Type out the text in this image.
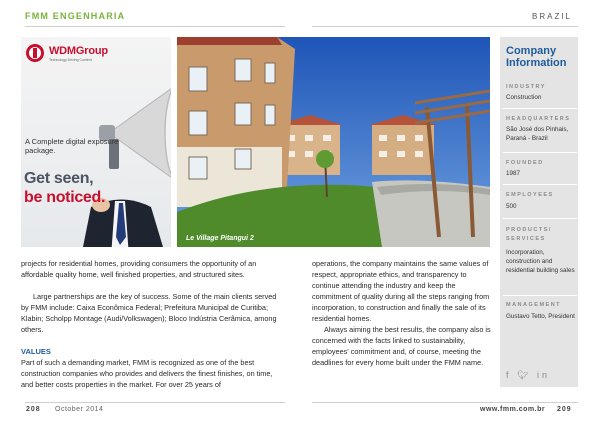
FMM ENGENHARIA	BRAZIL
WDMGroup
Technology Driving Content
A Complete digital exposure package.
Get seen,
be noticed.
Le Village Pitangui 2
Company Information
INDUSTRY
Construction
HEADQUARTERS
São José dos Pinhais, Paraná - Brazil
FOUNDED
1987
EMPLOYEES
500
PRODUCTS/ SERVICES
Incorporation, construction and residential building sales
MANAGEMENT
Gustavo Tetto, President
f 🐦︎ in

projects for residential homes, providing consumers the opportunity of an affordable quality home, well finished properties, and structured sites.

Large partnerships are the key of success. Some of the main clients served by FMM include: Caixa Econômica Federal; Prefeitura Municipal de Curitiba; Klabin; Scholpp Montage (Audi/Volkswagen); Bloco Indústria Cerâmica, among others.

VALUES

Part of such a demanding market, FMM is recognized as one of the best construction companies who provides and delivers the finest finishes, on time, and better costs properties in the market. For over 25 years of

operations, the company maintains the same values of respect, appropriate ethics, and transparency to continue attending the industry and keep the commitment of quality during all the steps ranging from incorporation, to construction and finally the sale of its residential homes.

Always aiming the best results, the company also is concerned with the facts linked to sustainability, employees' commitment and, of course, meeting the deadlines for every home built under the FMM name.

208 October 2014	www.fmm.com.br 209
